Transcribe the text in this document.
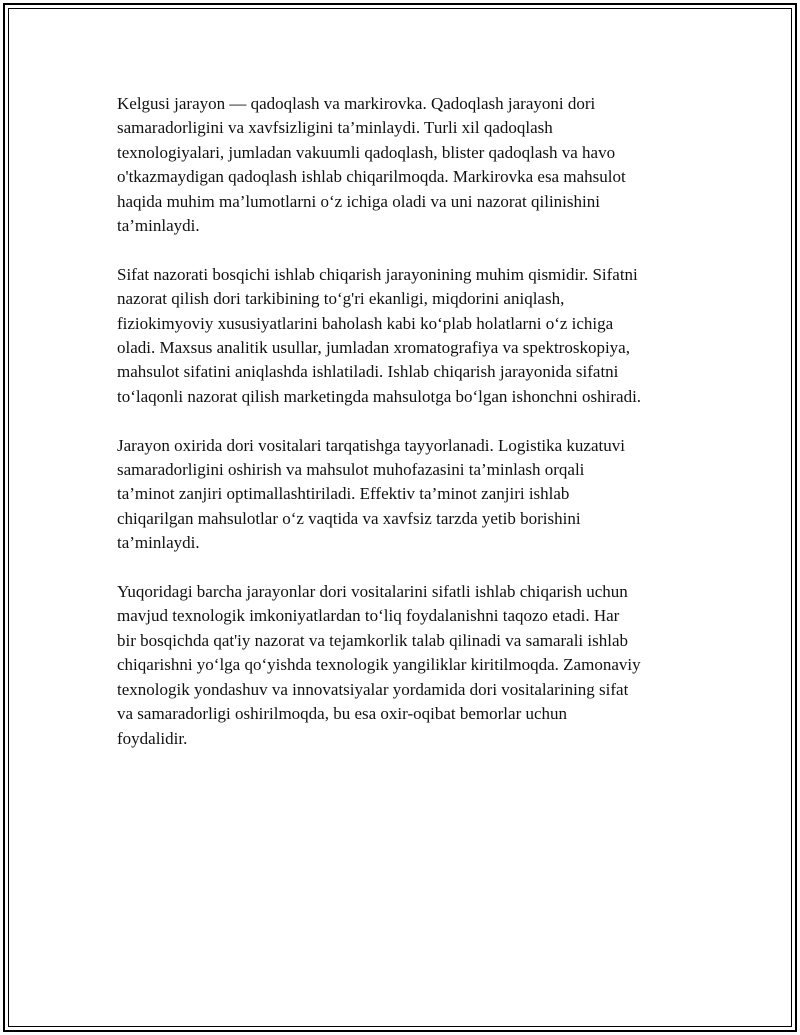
Kelgusi jarayon — qadoqlash va markirovka. Qadoqlash jarayoni dori
samaradorligini va xavfsizligini ta’minlaydi. Turli xil qadoqlash
texnologiyalari, jumladan vakuumli qadoqlash, blister qadoqlash va havo
o'tkazmaydigan qadoqlash ishlab chiqarilmoqda. Markirovka esa mahsulot
haqida muhim ma’lumotlarni o‘z ichiga oladi va uni nazorat qilinishini
ta’minlaydi.

Sifat nazorati bosqichi ishlab chiqarish jarayonining muhim qismidir. Sifatni
nazorat qilish dori tarkibining to‘g'ri ekanligi, miqdorini aniqlash,
fiziokimyoviy xususiyatlarini baholash kabi ko‘plab holatlarni o‘z ichiga
oladi. Maxsus analitik usullar, jumladan xromatografiya va spektroskopiya,
mahsulot sifatini aniqlashda ishlatiladi. Ishlab chiqarish jarayonida sifatni
to‘laqonli nazorat qilish marketingda mahsulotga bo‘lgan ishonchni oshiradi.

Jarayon oxirida dori vositalari tarqatishga tayyorlanadi. Logistika kuzatuvi
samaradorligini oshirish va mahsulot muhofazasini ta’minlash orqali
ta’minot zanjiri optimallashtiriladi. Effektiv ta’minot zanjiri ishlab
chiqarilgan mahsulotlar o‘z vaqtida va xavfsiz tarzda yetib borishini
ta’minlaydi.

Yuqoridagi barcha jarayonlar dori vositalarini sifatli ishlab chiqarish uchun
mavjud texnologik imkoniyatlardan to‘liq foydalanishni taqozo etadi. Har
bir bosqichda qat'iy nazorat va tejamkorlik talab qilinadi va samarali ishlab
chiqarishni yo‘lga qo‘yishda texnologik yangiliklar kiritilmoqda. Zamonaviy
texnologik yondashuv va innovatsiyalar yordamida dori vositalarining sifat
va samaradorligi oshirilmoqda, bu esa oxir-oqibat bemorlar uchun
foydalidir.
